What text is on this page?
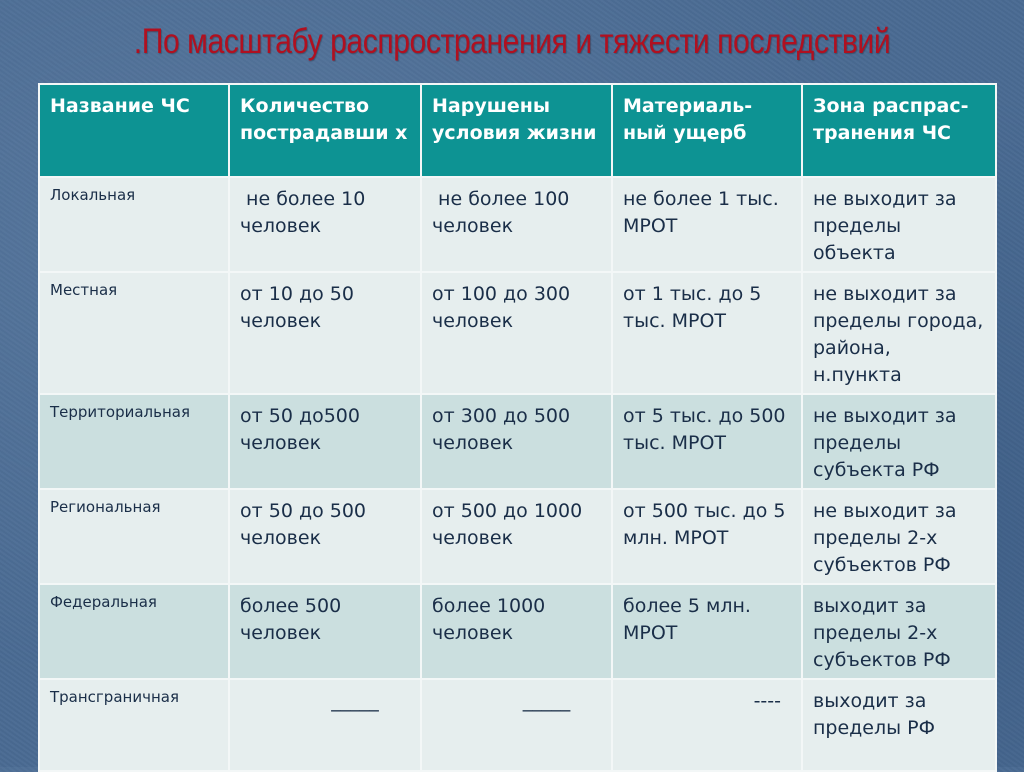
.По масштабу распространения и тяжести последствий
Название ЧС	Количество пострадавши х	Нарушены условия жизни	Материаль-ный ущерб	Зона распрас-транения ЧС
Локальная	не более 10 человек	не более 100 человек	не более 1 тыс. МРОТ	не выходит за пределы объекта
Местная	от 10 до 50 человек	от 100 до 300 человек	от 1 тыс. до 5 тыс. МРОТ	не выходит за пределы города, района, н.пункта
Территориальная	от 50 до500 человек	от 300 до 500 человек	от 5 тыс. до 500 тыс. МРОТ	не выходит за пределы субъекта РФ
Региональная	от 50 до 500 человек	от 500 до 1000 человек	от 500 тыс. до 5 млн. МРОТ	не выходит за пределы 2-х субъектов РФ
Федеральная	более 500 человек	более 1000 человек	более 5 млн. МРОТ	выходит за пределы 2-х субъектов РФ
Трансграничная	_____	_____	----	выходит за пределы РФ
